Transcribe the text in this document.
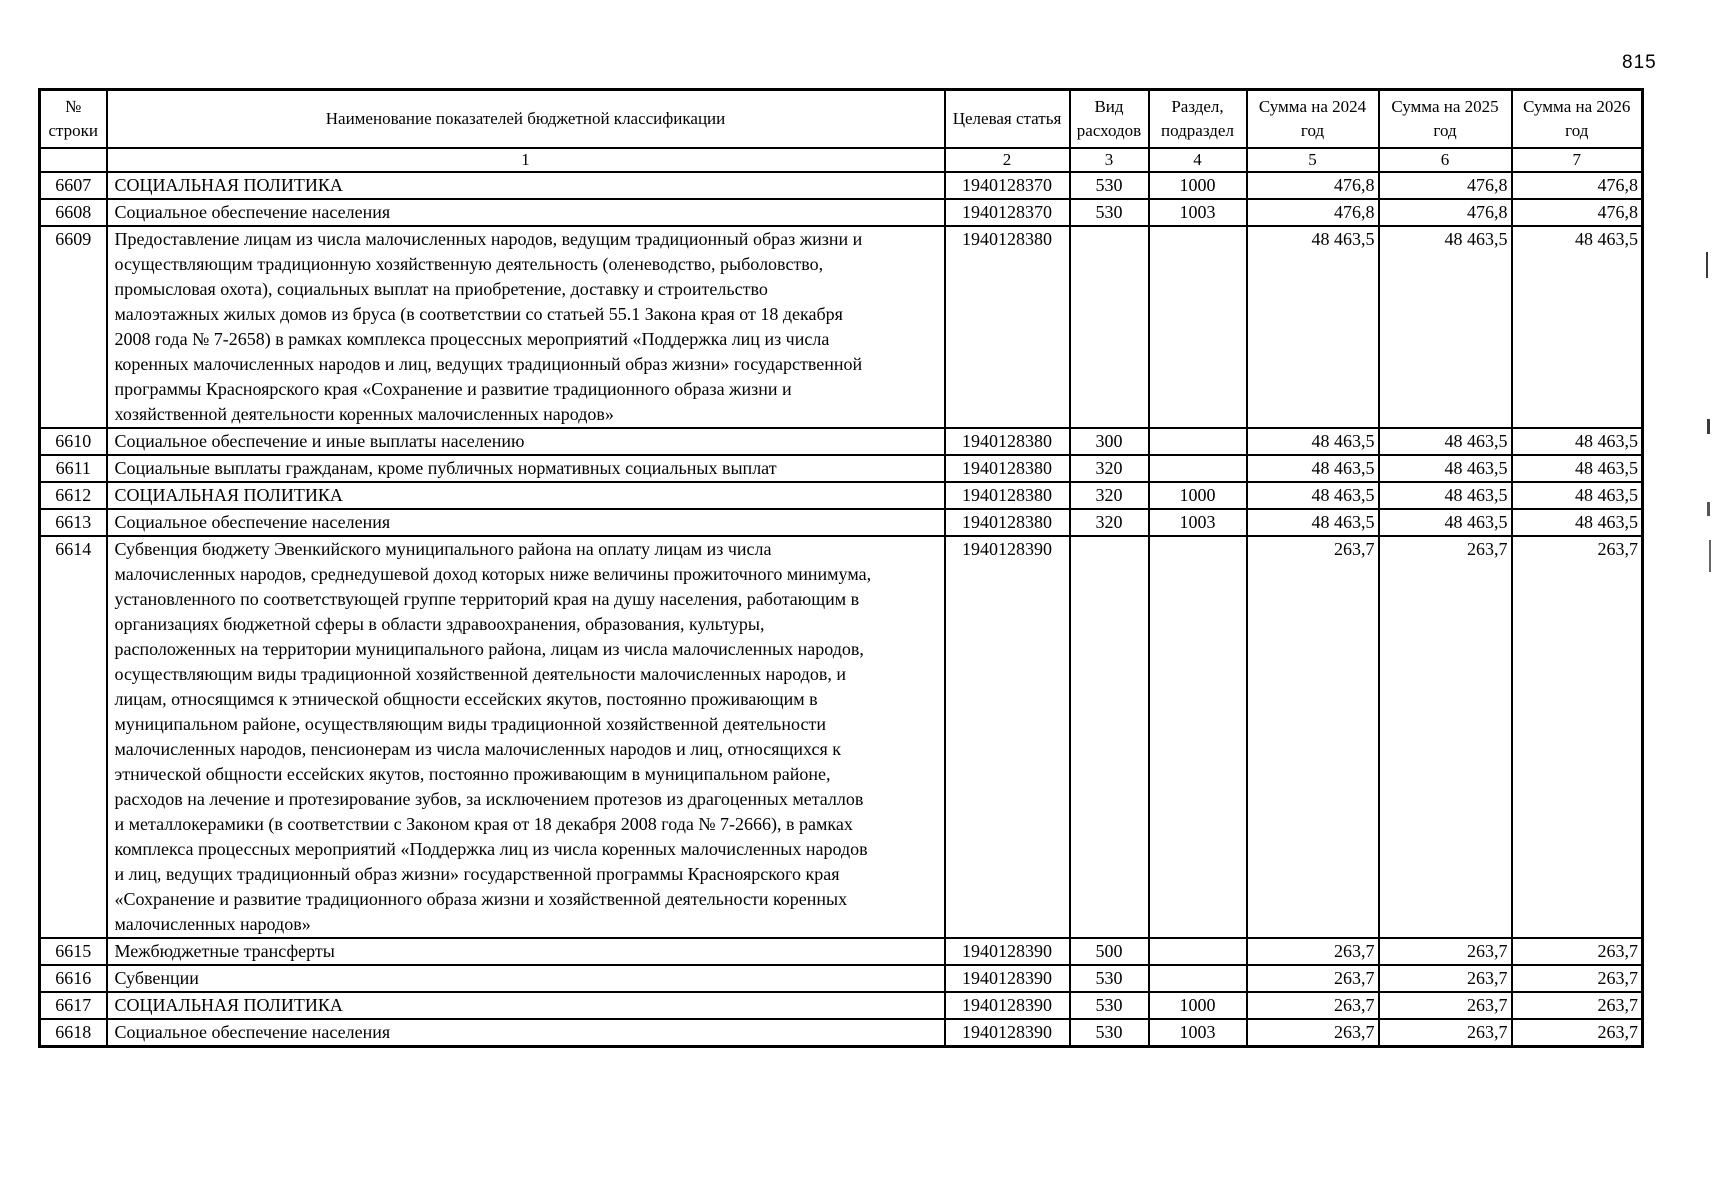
815
№ строки	Наименование показателей бюджетной классификации	Целевая статья	Вид расходов	Раздел, подраздел	Сумма на 2024 год	Сумма на 2025 год	Сумма на 2026 год
	1	2	3	4	5	6	7
6607	СОЦИАЛЬНАЯ ПОЛИТИКА	1940128370	530	1000	476,8	476,8	476,8
6608	Социальное обеспечение населения	1940128370	530	1003	476,8	476,8	476,8
6609	Предоставление лицам из числа малочисленных народов, ведущим традиционный образ жизни и осуществляющим традиционную хозяйственную деятельность (оленеводство, рыболовство, промысловая охота), социальных выплат на приобретение, доставку и строительство малоэтажных жилых домов из бруса (в соответствии со статьей 55.1 Закона края от 18 декабря 2008 года № 7-2658) в рамках комплекса процессных мероприятий «Поддержка лиц из числа коренных малочисленных народов и лиц, ведущих традиционный образ жизни» государственной программы Красноярского края «Сохранение и развитие традиционного образа жизни и хозяйственной деятельности коренных малочисленных народов»	1940128380			48 463,5	48 463,5	48 463,5
6610	Социальное обеспечение и иные выплаты населению	1940128380	300		48 463,5	48 463,5	48 463,5
6611	Социальные выплаты гражданам, кроме публичных нормативных социальных выплат	1940128380	320		48 463,5	48 463,5	48 463,5
6612	СОЦИАЛЬНАЯ ПОЛИТИКА	1940128380	320	1000	48 463,5	48 463,5	48 463,5
6613	Социальное обеспечение населения	1940128380	320	1003	48 463,5	48 463,5	48 463,5
6614	Субвенция бюджету Эвенкийского муниципального района на оплату лицам из числа малочисленных народов, среднедушевой доход которых ниже величины прожиточного минимума, установленного по соответствующей группе территорий края на душу населения, работающим в организациях бюджетной сферы в области здравоохранения, образования, культуры, расположенных на территории муниципального района, лицам из числа малочисленных народов, осуществляющим виды традиционной хозяйственной деятельности малочисленных народов, и лицам, относящимся к этнической общности ессейских якутов, постоянно проживающим в муниципальном районе, осуществляющим виды традиционной хозяйственной деятельности малочисленных народов, пенсионерам из числа малочисленных народов и лиц, относящихся к этнической общности ессейских якутов, постоянно проживающим в муниципальном районе, расходов на лечение и протезирование зубов, за исключением протезов из драгоценных металлов и металлокерамики (в соответствии с Законом края от 18 декабря 2008 года № 7-2666), в рамках комплекса процессных мероприятий «Поддержка лиц из числа коренных малочисленных народов и лиц, ведущих традиционный образ жизни» государственной программы Красноярского края «Сохранение и развитие традиционного образа жизни и хозяйственной деятельности коренных малочисленных народов»	1940128390			263,7	263,7	263,7
6615	Межбюджетные трансферты	1940128390	500		263,7	263,7	263,7
6616	Субвенции	1940128390	530		263,7	263,7	263,7
6617	СОЦИАЛЬНАЯ ПОЛИТИКА	1940128390	530	1000	263,7	263,7	263,7
6618	Социальное обеспечение населения	1940128390	530	1003	263,7	263,7	263,7
